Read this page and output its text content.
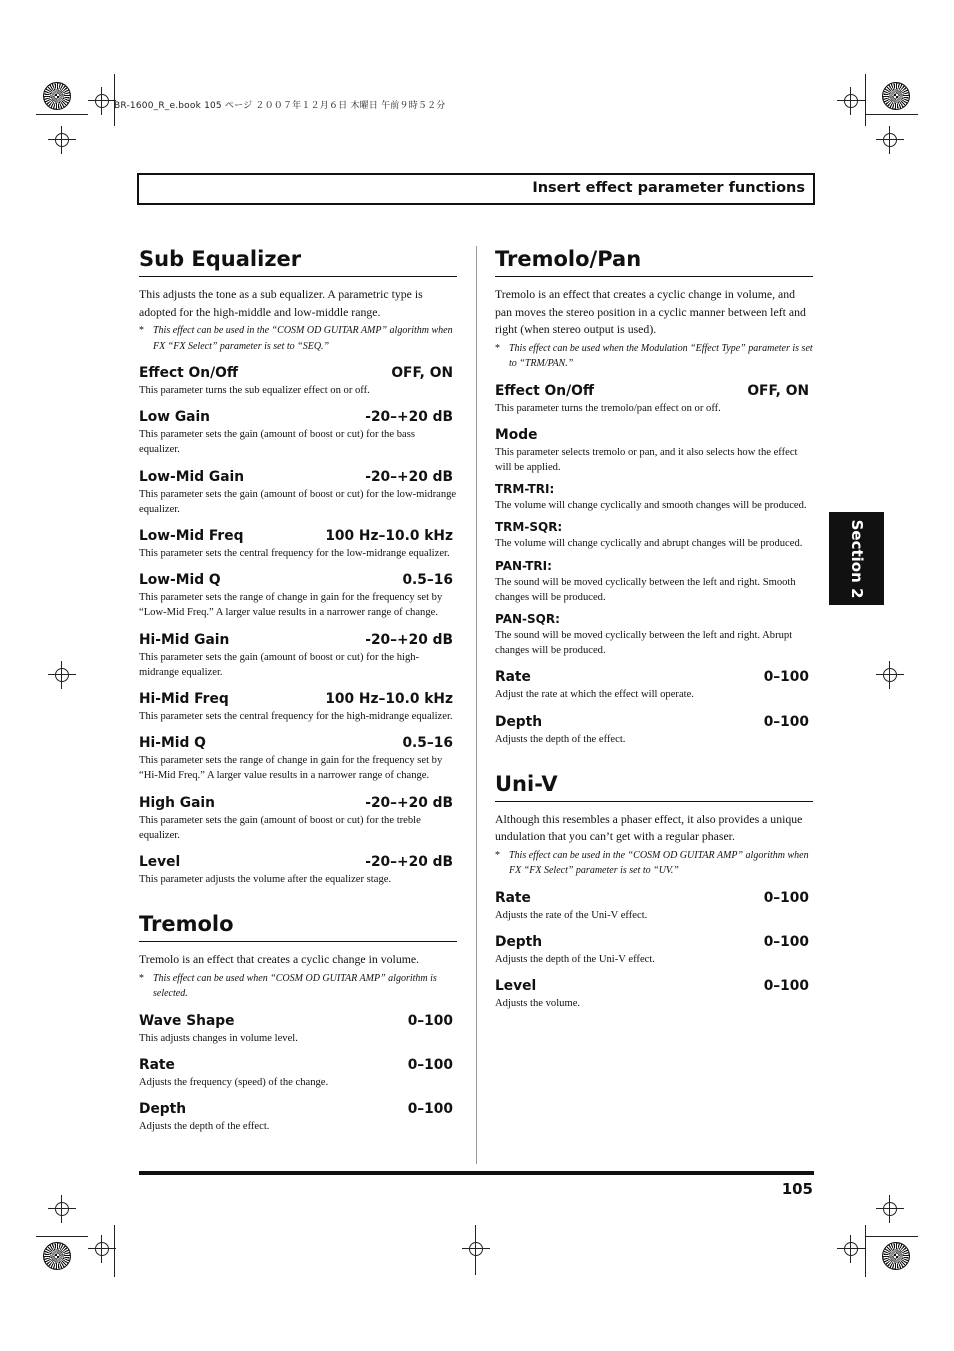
BR-1600_R_e.book 105 ページ ２００７年１２月６日 木曜日 午前９時５２分
Insert effect parameter functions
Sub Equalizer

This adjusts the tone as a sub equalizer. A parametric type is adopted for the high-middle and low-middle range.

* This effect can be used in the “COSM OD GUITAR AMP” algorithm when FX “FX Select” parameter is set to “SEQ.”

Effect On/Off	OFF, ON
This parameter turns the sub equalizer effect on or off.
Low Gain	-20–+20 dB
This parameter sets the gain (amount of boost or cut) for the bass equalizer.
Low-Mid Gain	-20–+20 dB
This parameter sets the gain (amount of boost or cut) for the low-midrange equalizer.
Low-Mid Freq	100 Hz–10.0 kHz
This parameter sets the central frequency for the low-midrange equalizer.
Low-Mid Q	0.5–16
This parameter sets the range of change in gain for the frequency set by “Low-Mid Freq.” A larger value results in a narrower range of change.
Hi-Mid Gain	-20–+20 dB
This parameter sets the gain (amount of boost or cut) for the high-midrange equalizer.
Hi-Mid Freq	100 Hz–10.0 kHz
This parameter sets the central frequency for the high-midrange equalizer.
Hi-Mid Q	0.5–16
This parameter sets the range of change in gain for the frequency set by “Hi-Mid Freq.” A larger value results in a narrower range of change.
High Gain	-20–+20 dB
This parameter sets the gain (amount of boost or cut) for the treble equalizer.
Level	-20–+20 dB
This parameter adjusts the volume after the equalizer stage.
Tremolo

Tremolo is an effect that creates a cyclic change in volume.

* This effect can be used when “COSM OD GUITAR AMP” algorithm is selected.

Wave Shape	0–100
This adjusts changes in volume level.
Rate	0–100
Adjusts the frequency (speed) of the change.
Depth	0–100
Adjusts the depth of the effect.
Tremolo/Pan

Tremolo is an effect that creates a cyclic change in volume, and pan moves the stereo position in a cyclic manner between left and right (when stereo output is used).

* This effect can be used when the Modulation “Effect Type” parameter is set to “TRM/PAN.”

Effect On/Off	OFF, ON
This parameter turns the tremolo/pan effect on or off.
Mode
This parameter selects tremolo or pan, and it also selects how the effect will be applied.
TRM-TRI:
The volume will change cyclically and smooth changes will be produced.
TRM-SQR:
The volume will change cyclically and abrupt changes will be produced.
PAN-TRI:
The sound will be moved cyclically between the left and right. Smooth changes will be produced.
PAN-SQR:
The sound will be moved cyclically between the left and right. Abrupt changes will be produced.
Rate	0–100
Adjust the rate at which the effect will operate.
Depth	0–100
Adjusts the depth of the effect.
Uni-V

Although this resembles a phaser effect, it also provides a unique undulation that you can’t get with a regular phaser.

* This effect can be used in the “COSM OD GUITAR AMP” algorithm when FX “FX Select” parameter is set to “UV.”

Rate	0–100
Adjusts the rate of the Uni-V effect.
Depth	0–100
Adjusts the depth of the Uni-V effect.
Level	0–100
Adjusts the volume.
Section 2
105
